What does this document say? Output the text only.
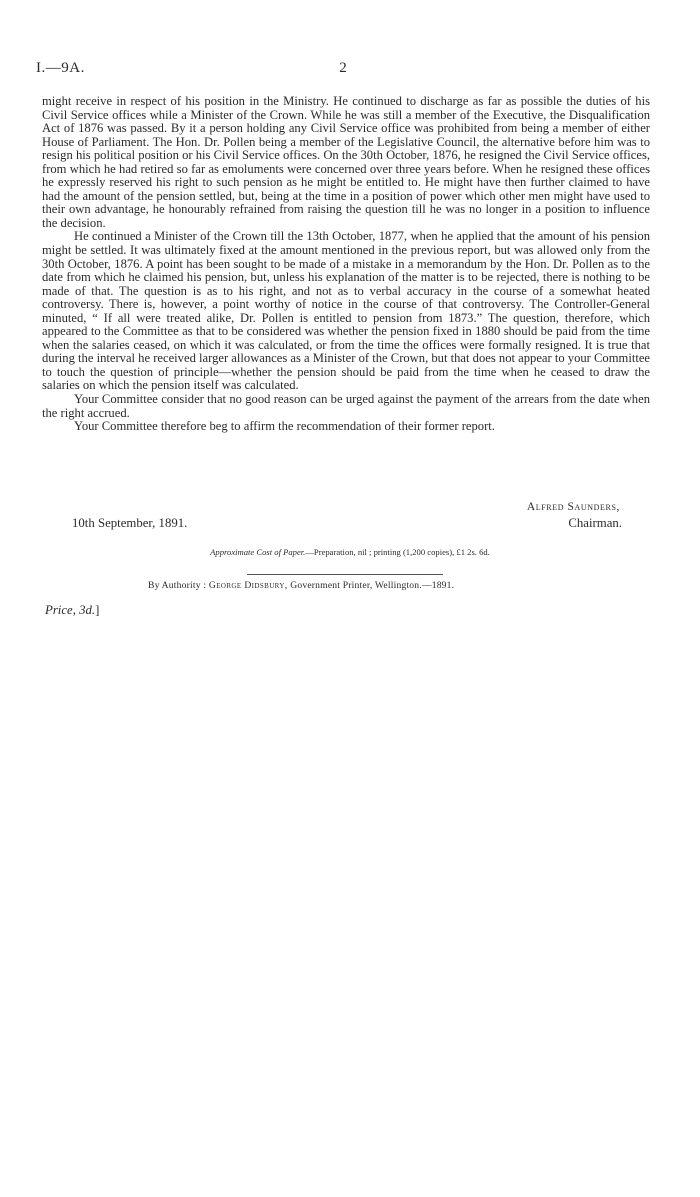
I.—9A.	2

might receive in respect of his position in the Ministry. He continued to discharge as far as possible the duties of his Civil Service offices while a Minister of the Crown. While he was still a member of the Executive, the Disqualification Act of 1876 was passed. By it a person holding any Civil Service office was prohibited from being a member of either House of Parliament. The Hon. Dr. Pollen being a member of the Legislative Council, the alternative before him was to resign his political position or his Civil Service offices. On the 30th October, 1876, he resigned the Civil Service offices, from which he had retired so far as emoluments were concerned over three years before. When he resigned these offices he expressly reserved his right to such pension as he might be entitled to. He might have then further claimed to have had the amount of the pension settled, but, being at the time in a position of power which other men might have used to their own advantage, he honourably refrained from raising the question till he was no longer in a position to influence the decision.

He continued a Minister of the Crown till the 13th October, 1877, when he applied that the amount of his pension might be settled. It was ultimately fixed at the amount mentioned in the previous report, but was allowed only from the 30th October, 1876. A point has been sought to be made of a mistake in a memorandum by the Hon. Dr. Pollen as to the date from which he claimed his pension, but, unless his explanation of the matter is to be rejected, there is nothing to be made of that. The question is as to his right, and not as to verbal accuracy in the course of a somewhat heated controversy. There is, however, a point worthy of notice in the course of that controversy. The Controller-General minuted, “ If all were treated alike, Dr. Pollen is entitled to pension from 1873.” The question, therefore, which appeared to the Committee as that to be considered was whether the pension fixed in 1880 should be paid from the time when the salaries ceased, on which it was calculated, or from the time the offices were formally resigned. It is true that during the interval he received larger allowances as a Minister of the Crown, but that does not appear to your Committee to touch the question of principle—whether the pension should be paid from the time when he ceased to draw the salaries on which the pension itself was calculated.

Your Committee consider that no good reason can be urged against the payment of the arrears from the date when the right accrued.

Your Committee therefore beg to affirm the recommendation of their former report.

Alfred Saunders,
Chairman.
10th September, 1891.
Approximate Cost of Paper.—Preparation, nil ; printing (1,200 copies), £1 2s. 6d.
By Authority : George Didsbury, Government Printer, Wellington.—1891.
Price, 3d.]
